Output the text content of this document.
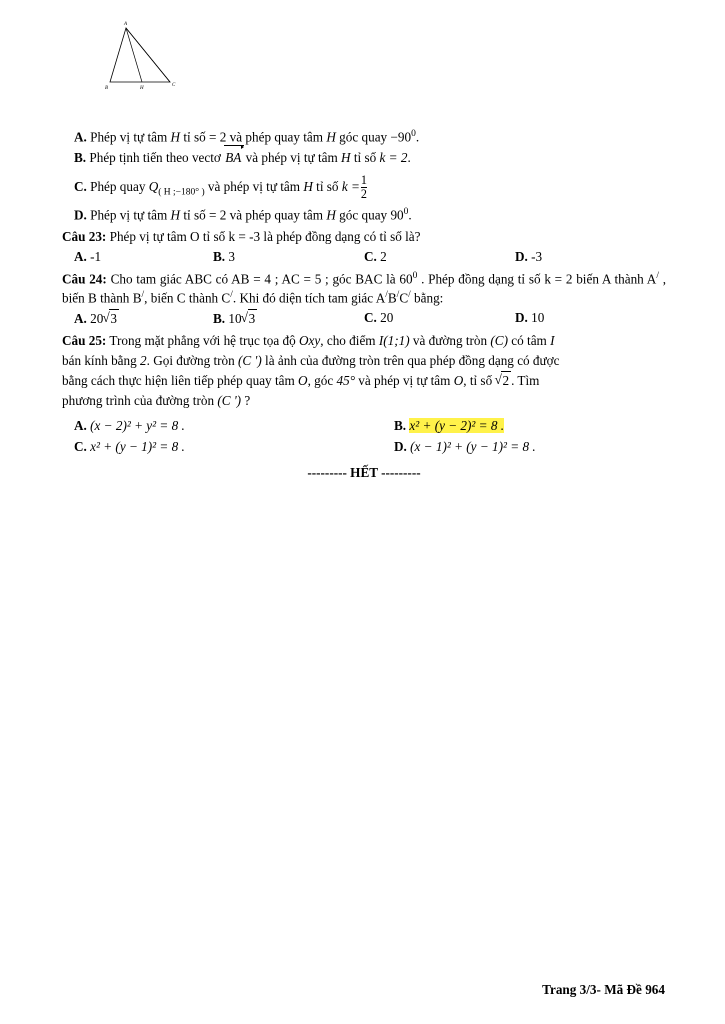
A
B	H
C
A. Phép vị tự tâm H tỉ số = 2 và phép quay tâm H góc quay $-90^0$.
B. Phép tịnh tiến theo vectơ BA và phép vị tự tâm H tỉ số k = 2.
C. Phép quay $Q_{( H ;-180^\circ )}$ và phép vị tự tâm H tỉ số $k = \frac{1}{2}$
D. Phép vị tự tâm H tỉ số = 2 và phép quay tâm H góc quay $90^0$.
Câu 23: Phép vị tự tâm O tỉ số k = -3 là phép đồng dạng có tỉ số là?
A. -1	B. 3	C. 2	D. -3
Câu 24: Cho tam giác ABC có AB = 4 ; AC = 5 ; góc BAC là $60^0$ . Phép đồng dạng tỉ số k = 2 biến A thành A/ , biến B thành B/, biến C thành C/. Khi đó diện tích tam giác A/B/C/ bằng:
A. 20 √ 3	B. 10 √ 3	C. 20	D. 10
Câu 25: Trong mặt phẳng với hệ trục tọa độ Oxy, cho điểm I(1;1) và đường tròn (C) có tâm I
bán kính bằng 2. Gọi đường tròn (C ') là ảnh của đường tròn trên qua phép đồng dạng có được
bằng cách thực hiện liên tiếp phép quay tâm O, góc 45° và phép vị tự tâm O, tỉ số √ 2 . Tìm
phương trình của đường tròn (C ') ?
A. (x − 2)² + y² = 8 .	B. x² + (y − 2)² = 8 .
C. x² + (y − 1)² = 8 .	D. (x − 1)² + (y − 1)² = 8 .
--------- HẾT ---------
Trang 3/3- Mã Đề 964
